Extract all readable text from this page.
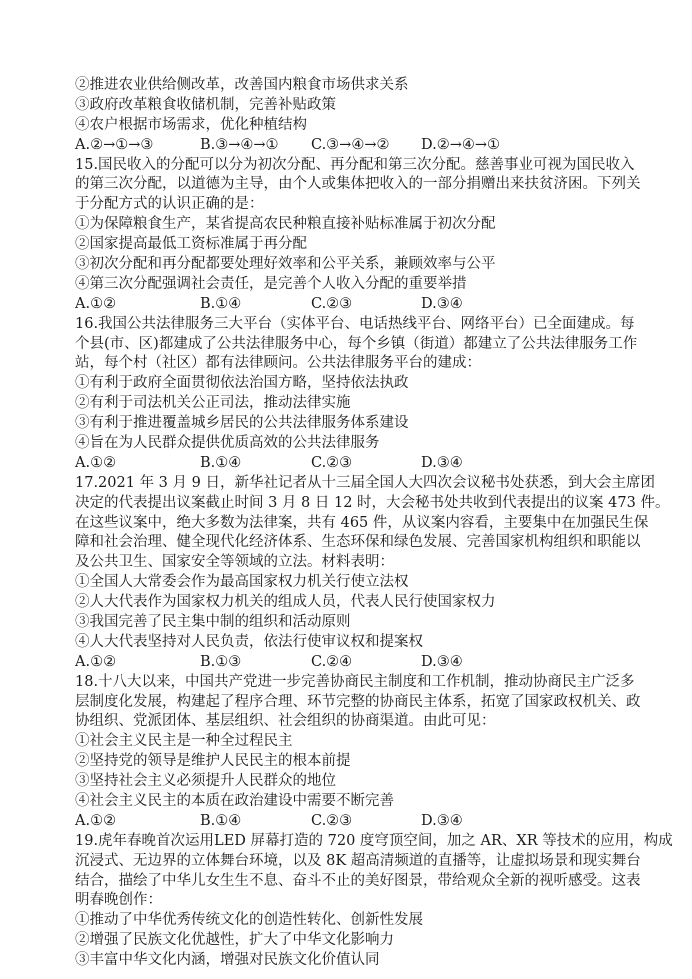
②推进农业供给侧改革，改善国内粮食市场供求关系
③政府改革粮食收储机制，完善补贴政策
④农户根据市场需求，优化种植结构
A.②→①→③	B.③→④→① C.③→④→② D.②→④→①
15.国民收入的分配可以分为初次分配、再分配和第三次分配。慈善事业可视为国民收入
的第三次分配，以道德为主导，由个人或集体把收入的一部分捐赠出来扶贫济困。下列关
于分配方式的认识正确的是：
①为保障粮食生产，某省提高农民种粮直接补贴标准属于初次分配
②国家提高最低工资标准属于再分配
③初次分配和再分配都要处理好效率和公平关系，兼顾效率与公平
④第三次分配强调社会责任，是完善个人收入分配的重要举措
A.①②	B.①④	C.②③	D.③④
16.我国公共法律服务三大平台（实体平台、电话热线平台、网络平台）已全面建成。每
个县(市、区)都建成了公共法律服务中心，每个乡镇（街道）都建立了公共法律服务工作
站，每个村（社区）都有法律顾问。公共法律服务平台的建成：
①有利于政府全面贯彻依法治国方略，坚持依法执政
②有利于司法机关公正司法，推动法律实施
③有利于推进覆盖城乡居民的公共法律服务体系建设
④旨在为人民群众提供优质高效的公共法律服务
A.①②	B.①④	C.②③	D.③④
17.2021 年 3 月 9 日，新华社记者从十三届全国人大四次会议秘书处获悉，到大会主席团
决定的代表提出议案截止时间 3 月 8 日 12 时，大会秘书处共收到代表提出的议案 473 件。
在这些议案中，绝大多数为法律案，共有 465 件，从议案内容看，主要集中在加强民生保
障和社会治理、健全现代化经济体系、生态环保和绿色发展、完善国家机构组织和职能以
及公共卫生、国家安全等领域的立法。材料表明：
①全国人大常委会作为最高国家权力机关行使立法权
②人大代表作为国家权力机关的组成人员，代表人民行使国家权力
③我国完善了民主集中制的组织和活动原则
④人大代表坚持对人民负责，依法行使审议权和提案权
A.①②	B.①③	C.②④	D.③④
18.十八大以来，中国共产党进一步完善协商民主制度和工作机制，推动协商民主广泛多
层制度化发展，构建起了程序合理、环节完整的协商民主体系，拓宽了国家政权机关、政
协组织、党派团体、基层组织、社会组织的协商渠道。由此可见：
①社会主义民主是一种全过程民主
②坚持党的领导是维护人民民主的根本前提
③坚持社会主义必须提升人民群众的地位
④社会主义民主的本质在政治建设中需要不断完善
A.①②	B.①④	C.②③	D.③④
19.虎年春晚首次运用LED 屏幕打造的 720 度穹顶空间，加之 AR、XR 等技术的应用，构成
沉浸式、无边界的立体舞台环境，以及 8K 超高清频道的直播等，让虚拟场景和现实舞台
结合，描绘了中华儿女生生不息、奋斗不止的美好图景，带给观众全新的视听感受。这表
明春晚创作：
①推动了中华优秀传统文化的创造性转化、创新性发展
②增强了民族文化优越性，扩大了中华文化影响力
③丰富中华文化内涵，增强对民族文化价值认同
